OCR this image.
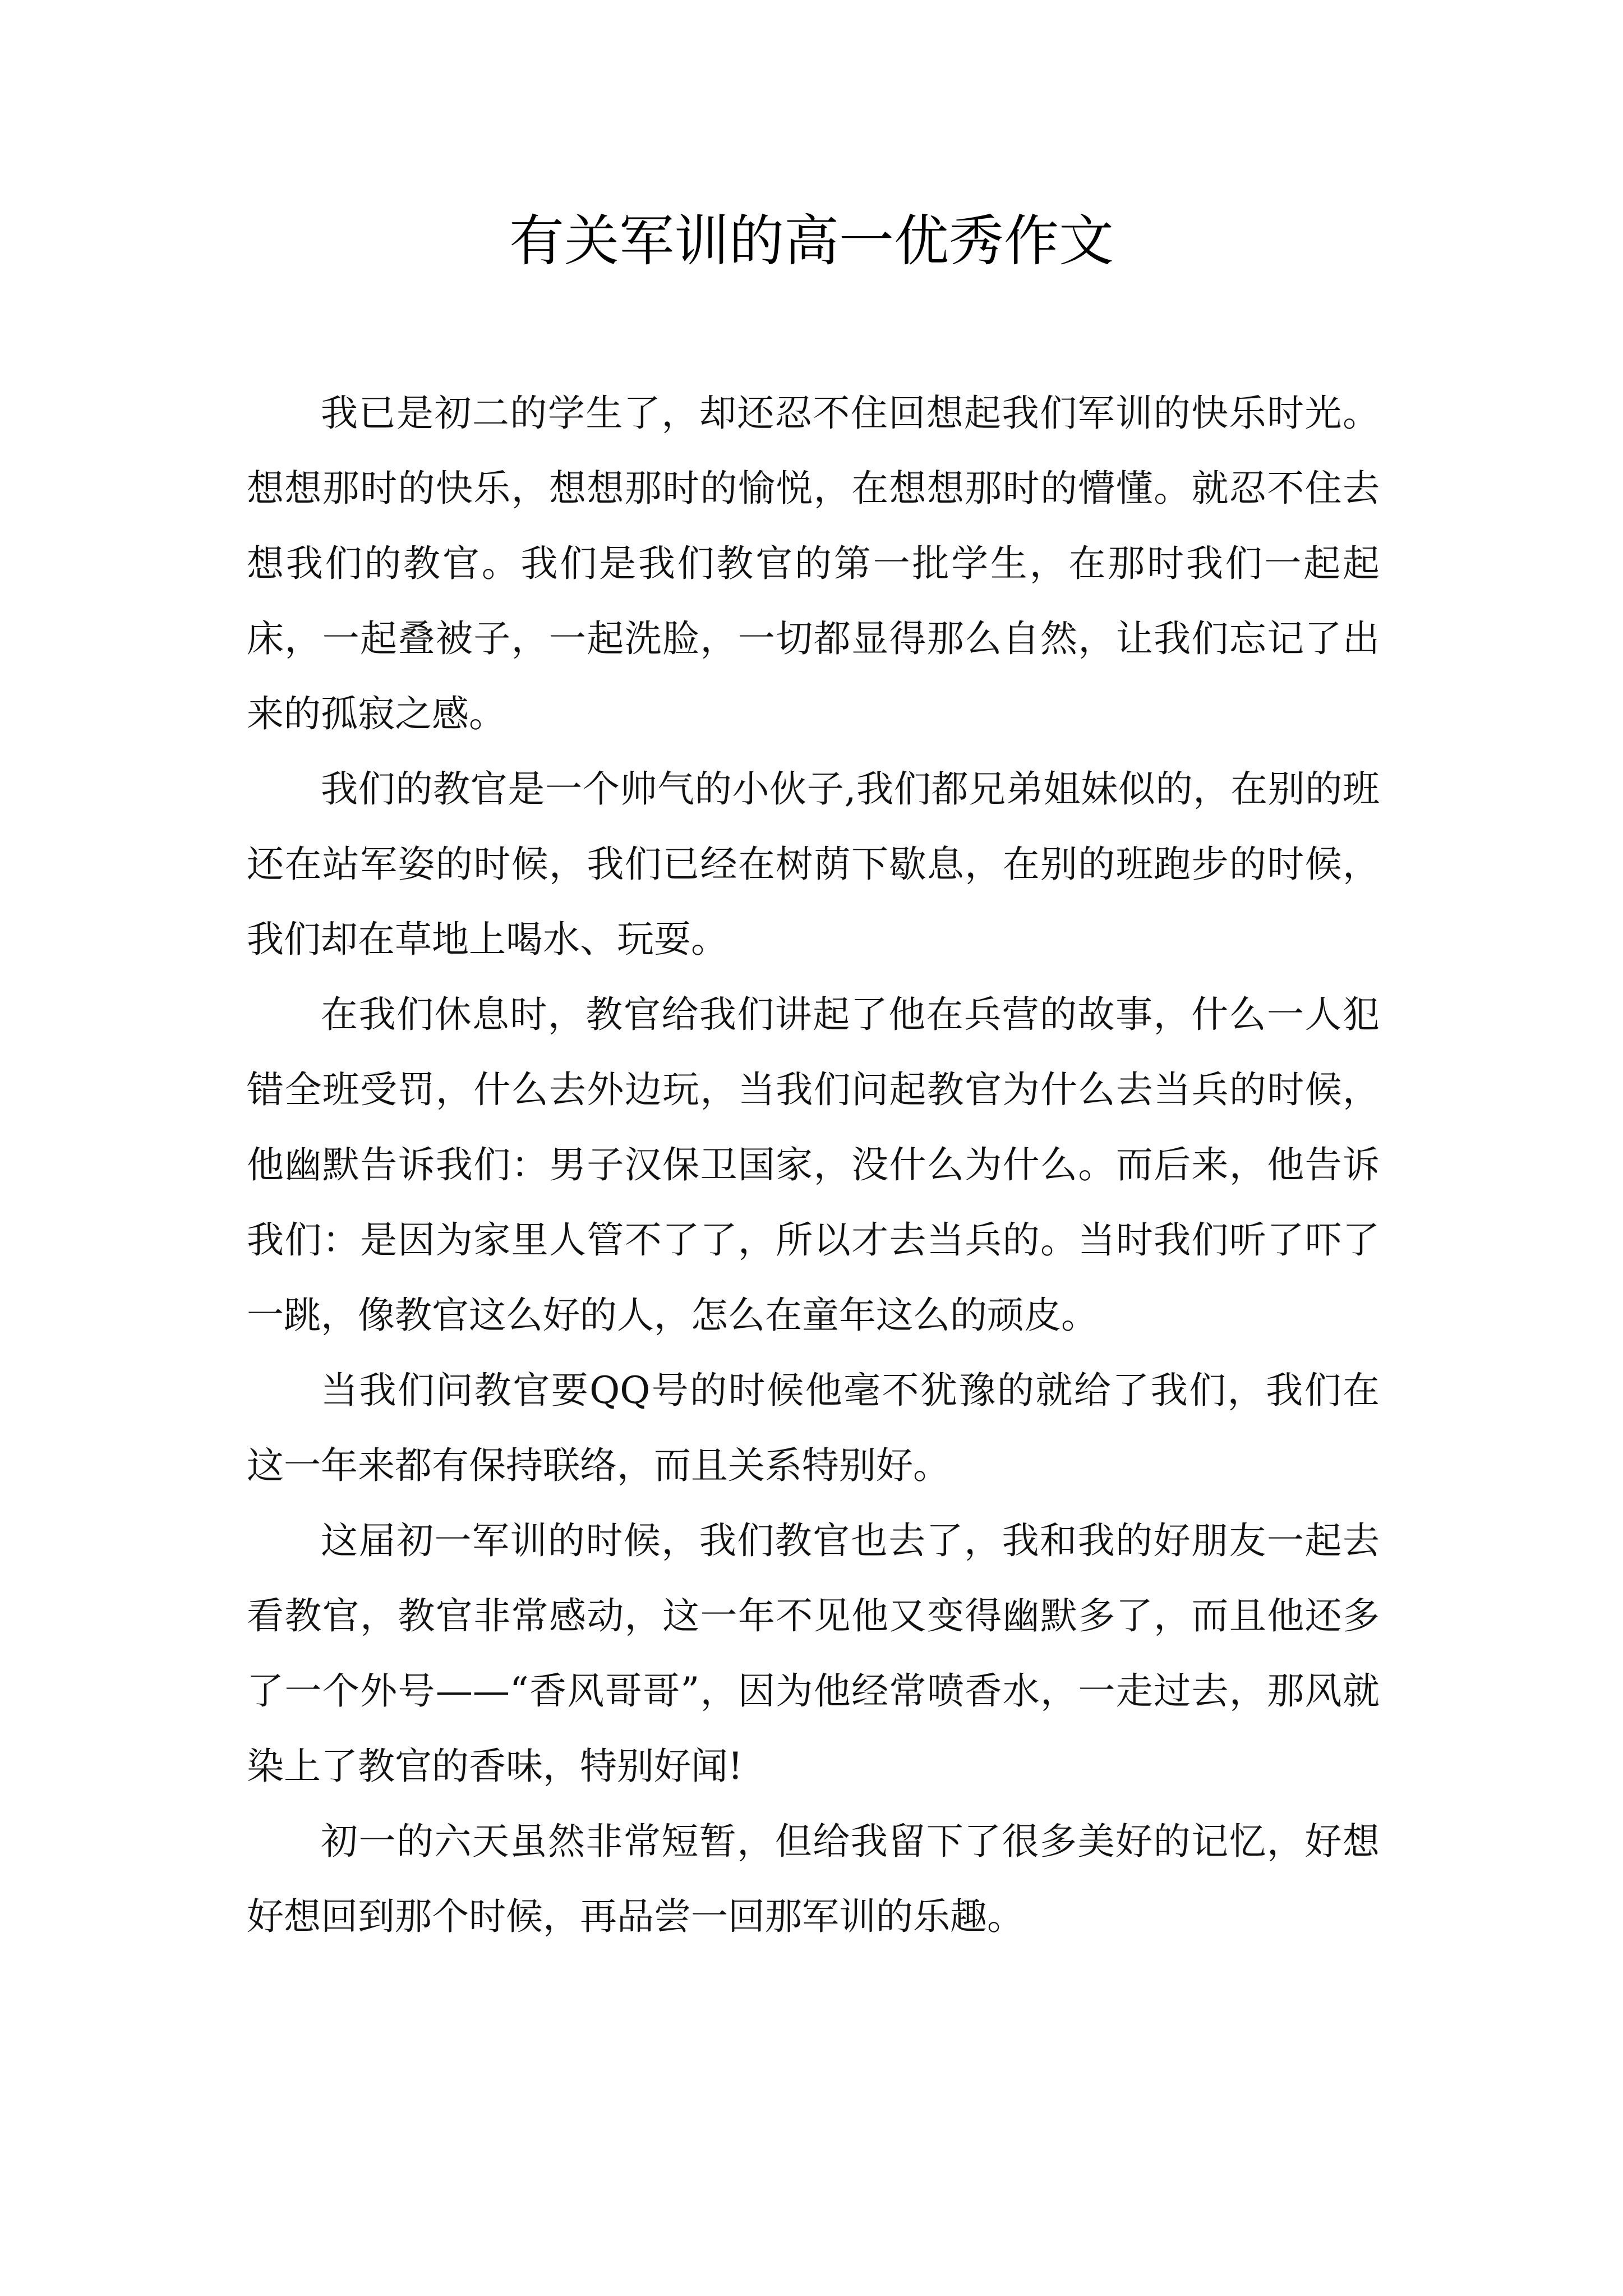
有关军训的高一优秀作文

我已是初二的学生了，却还忍不住回想起我们军训的快乐时光。想想那时的快乐，想想那时的愉悦，在想想那时的懵懂。就忍不住去想我们的教官。我们是我们教官的第一批学生，在那时我们一起起床，一起叠被子，一起洗脸，一切都显得那么自然，让我们忘记了出来的孤寂之感。

我们的教官是一个帅气的小伙子,我们都兄弟姐妹似的，在别的班还在站军姿的时候，我们已经在树荫下歇息，在别的班跑步的时候，我们却在草地上喝水、玩耍。

在我们休息时，教官给我们讲起了他在兵营的故事，什么一人犯错全班受罚，什么去外边玩，当我们问起教官为什么去当兵的时候，他幽默告诉我们：男子汉保卫国家，没什么为什么。而后来，他告诉我们：是因为家里人管不了了，所以才去当兵的。当时我们听了吓了一跳，像教官这么好的人，怎么在童年这么的顽皮。

当我们问教官要QQ号的时候他毫不犹豫的就给了我们，我们在这一年来都有保持联络，而且关系特别好。

这届初一军训的时候，我们教官也去了，我和我的好朋友一起去看教官，教官非常感动，这一年不见他又变得幽默多了，而且他还多了一个外号——“香风哥哥”，因为他经常喷香水，一走过去，那风就染上了教官的香味，特别好闻!

初一的六天虽然非常短暂，但给我留下了很多美好的记忆，好想好想回到那个时候，再品尝一回那军训的乐趣。
